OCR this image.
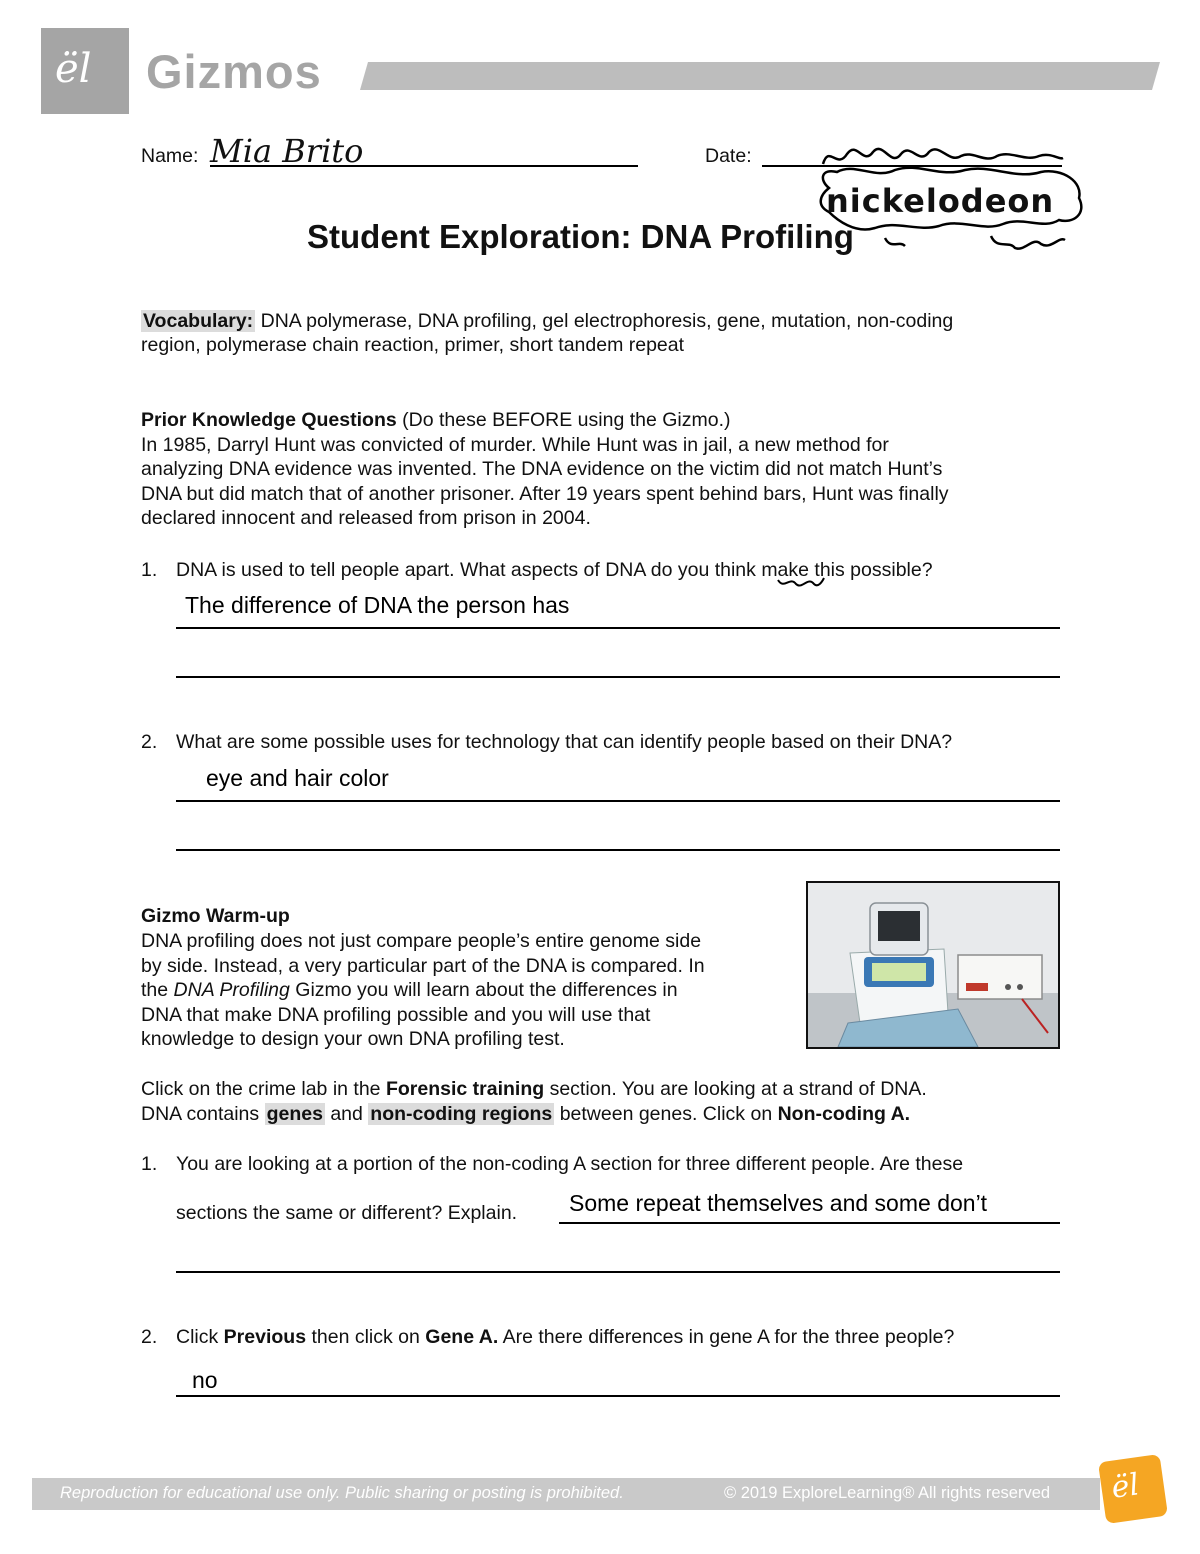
ël Gizmos
Name: Mia Brito	Date:
nickelodeon
Student Exploration: DNA Profiling
Vocabulary: DNA polymerase, DNA profiling, gel electrophoresis, gene, mutation, non-coding
region, polymerase chain reaction, primer, short tandem repeat
Prior Knowledge Questions (Do these BEFORE using the Gizmo.)
In 1985, Darryl Hunt was convicted of murder. While Hunt was in jail, a new method for
analyzing DNA evidence was invented. The DNA evidence on the victim did not match Hunt’s
DNA but did match that of another prisoner. After 19 years spent behind bars, Hunt was finally
declared innocent and released from prison in 2004.
1. DNA is used to tell people apart. What aspects of DNA do you think make this possible?
The difference of DNA the person has
2. What are some possible uses for technology that can identify people based on their DNA?
eye and hair color
Gizmo Warm-up
DNA profiling does not just compare people’s entire genome side
by side. Instead, a very particular part of the DNA is compared. In
the DNA Profiling Gizmo you will learn about the differences in
DNA that make DNA profiling possible and you will use that
knowledge to design your own DNA profiling test.
Click on the crime lab in the Forensic training section. You are looking at a strand of DNA.
DNA contains genes and non-coding regions between genes. Click on Non-coding A.
1. You are looking at a portion of the non-coding A section for three different people. Are these
sections the same or different? Explain. Some repeat themselves and some don’t
2. Click Previous then click on Gene A. Are there differences in gene A for the three people?
no
Reproduction for educational use only. Public sharing or posting is prohibited.	© 2019 ExploreLearning® All rights reserved ël
